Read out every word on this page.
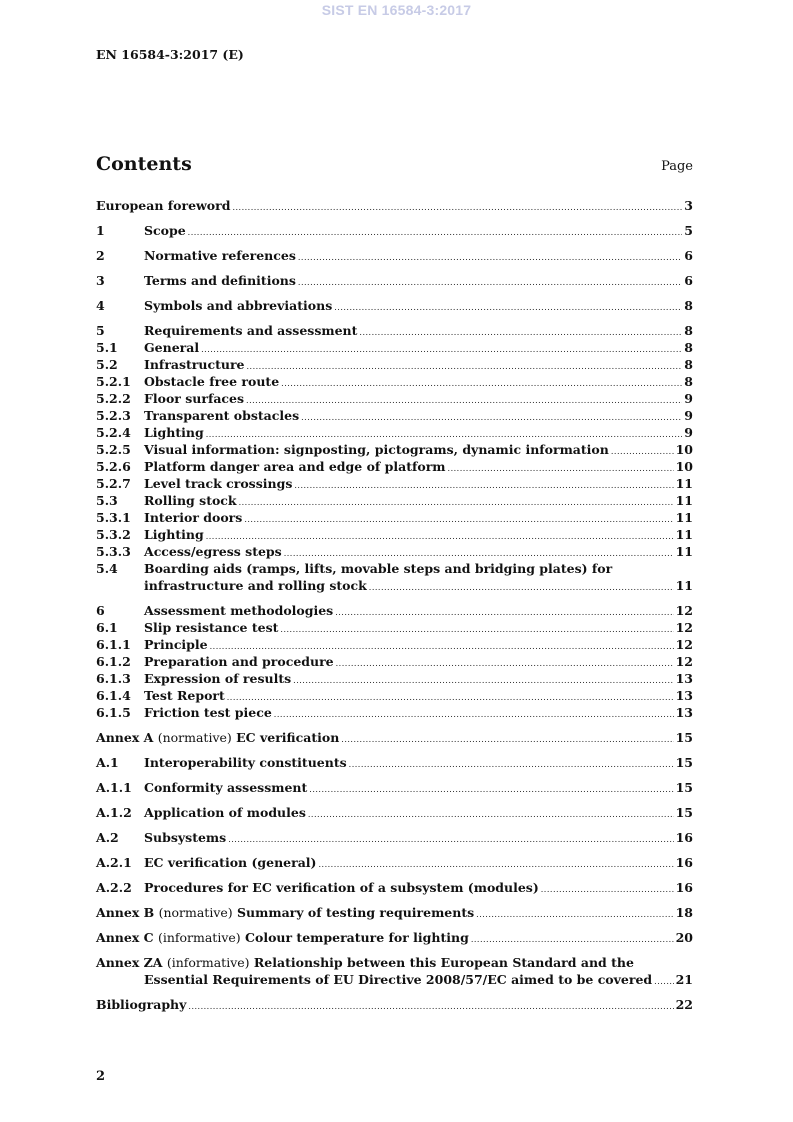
SIST EN 16584-3:2017
EN 16584-3:2017 (E)
Contents	Page
European foreword .....	3
1	Scope .....	5
2	Normative references .....	6
3	Terms and definitions .....	6
4	Symbols and abbreviations .....	8
5	Requirements and assessment .....	8
5.1	General .....	8
5.2	Infrastructure .....	8
5.2.1	Obstacle free route .....	8
5.2.2	Floor surfaces .....	9
5.2.3	Transparent obstacles .....	9
5.2.4	Lighting .....	9
5.2.5	Visual information: signposting, pictograms, dynamic information .....	10
5.2.6	Platform danger area and edge of platform .....	10
5.2.7	Level track crossings .....	11
5.3	Rolling stock .....	11
5.3.1	Interior doors .....	11
5.3.2	Lighting .....	11
5.3.3	Access/egress steps .....	11
5.4	Boarding aids (ramps, lifts, movable steps and bridging plates) for
infrastructure and rolling stock .....	11
6	Assessment methodologies .....	12
6.1	Slip resistance test .....	12
6.1.1	Principle .....	12
6.1.2	Preparation and procedure .....	12
6.1.3	Expression of results .....	13
6.1.4	Test Report .....	13
6.1.5	Friction test piece .....	13
Annex A (normative) EC verification .....	15
A.1	Interoperability constituents .....	15
A.1.1 Conformity assessment .....	15
A.1.2 Application of modules .....	15
A.2	Subsystems .....	16
A.2.1 EC verification (general) .....	16
A.2.2 Procedures for EC verification of a subsystem (modules) .....	16
Annex B (normative) Summary of testing requirements .....	18
Annex C (informative) Colour temperature for lighting .....	20
Annex ZA (informative) Relationship between this European Standard and the
Essential Requirements of EU Directive 2008/57/EC aimed to be covered ..... 21
Bibliography .....	22
2
